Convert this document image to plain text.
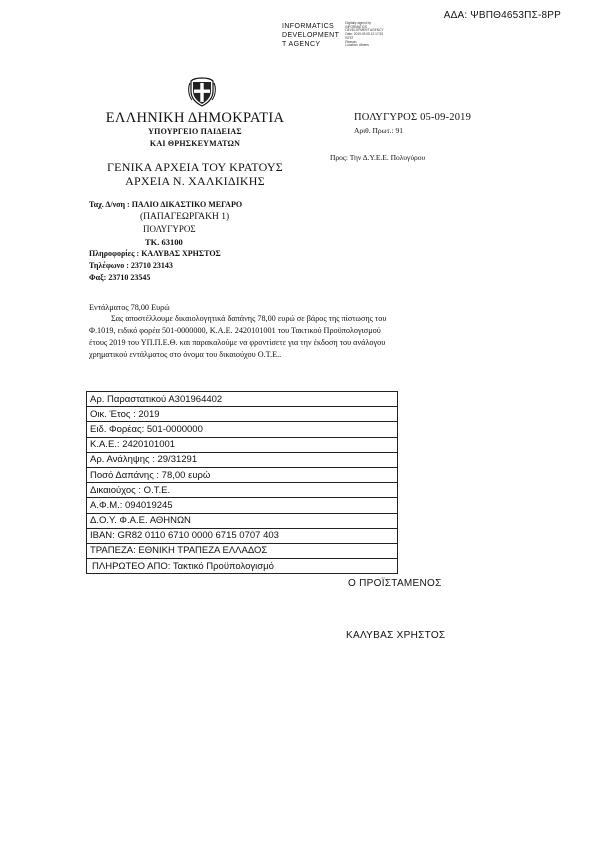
ΑΔΑ: ΨΒΠΘ4653ΠΣ-8ΡΡ
INFORMATICS
DEVELOPMENT
T AGENCY
Digitally signed by
INFORMATICS
DEVELOPMENT AGENCY
Date: 2019.09.05 12:17:53
EEST
Reason:
Location: Athens
ΕΛΛΗΝΙΚΗ ΔΗΜΟΚΡΑΤΙΑ
ΥΠΟΥΡΓΕΙΟ ΠΑΙΔΕΙΑΣ
ΚΑΙ ΘΡΗΣΚΕΥΜΑΤΩΝ
ΓΕΝΙΚΑ ΑΡΧΕΙΑ ΤΟΥ ΚΡΑΤΟΥΣ
ΑΡΧΕΙΑ Ν. ΧΑΛΚΙΔΙΚΗΣ
ΠΟΛΥΓΥΡΟΣ 05-09-2019
Αριθ. Πρωτ.: 91
Προς: Την Δ.Υ.Ε.Ε. Πολυγύρου
Ταχ. Δ/νση : ΠΑΛΙΟ ΔΙΚΑΣΤΙΚΟ ΜΕΓΑΡΟ
(ΠΑΠΑΓΕΩΡΓΑΚΗ 1)
ΠΟΛΥΓΥΡΟΣ
ΤΚ. 63100
Πληροφορίες : ΚΑΛΥΒΑΣ ΧΡΗΣΤΟΣ
Τηλέφωνο : 23710 23143
Φαξ: 23710 23545
Εντάλματος 78,00 Ευρώ
Σας αποστέλλουμε δικαιολογητικά δαπάνης 78,00 ευρώ σε βάρος της πίστωσης του
Φ.1019, ειδικό φορέα 501-0000000, Κ.Α.Ε. 2420101001 του Τακτικού Προϋπολογισμού
έτους 2019 του ΥΠ.Π.Ε.Θ. και παρακαλούμε να φροντίσετε για την έκδοση του ανάλογου
χρηματικού εντάλματος στο όνομα του δικαιούχου Ο.Τ.Ε..
Αρ. Παραστατικού Α301964402
Οικ. Έτος : 2019
Ειδ. Φορέας: 501-0000000
Κ.Α.Ε.: 2420101001
Αρ. Ανάληψης : 29/31291
Ποσό Δαπάνης : 78,00 ευρώ
Δικαιούχος : Ο.Τ.Ε.
Α.Φ.Μ.: 094019245
Δ.Ο.Υ. Φ.Α.Ε. ΑΘΗΝΩΝ
IBAN: GR82 0110 6710 0000 6715 0707 403
ΤΡΑΠΕΖΑ: ΕΘΝΙΚΗ ΤΡΑΠΕΖΑ ΕΛΛΑΔΟΣ
ΠΛΗΡΩΤΕΟ ΑΠΟ: Τακτικό Προϋπολογισμό
Ο ΠΡΟΪΣΤΑΜΕΝΟΣ
ΚΑΛΥΒΑΣ ΧΡΗΣΤΟΣ
